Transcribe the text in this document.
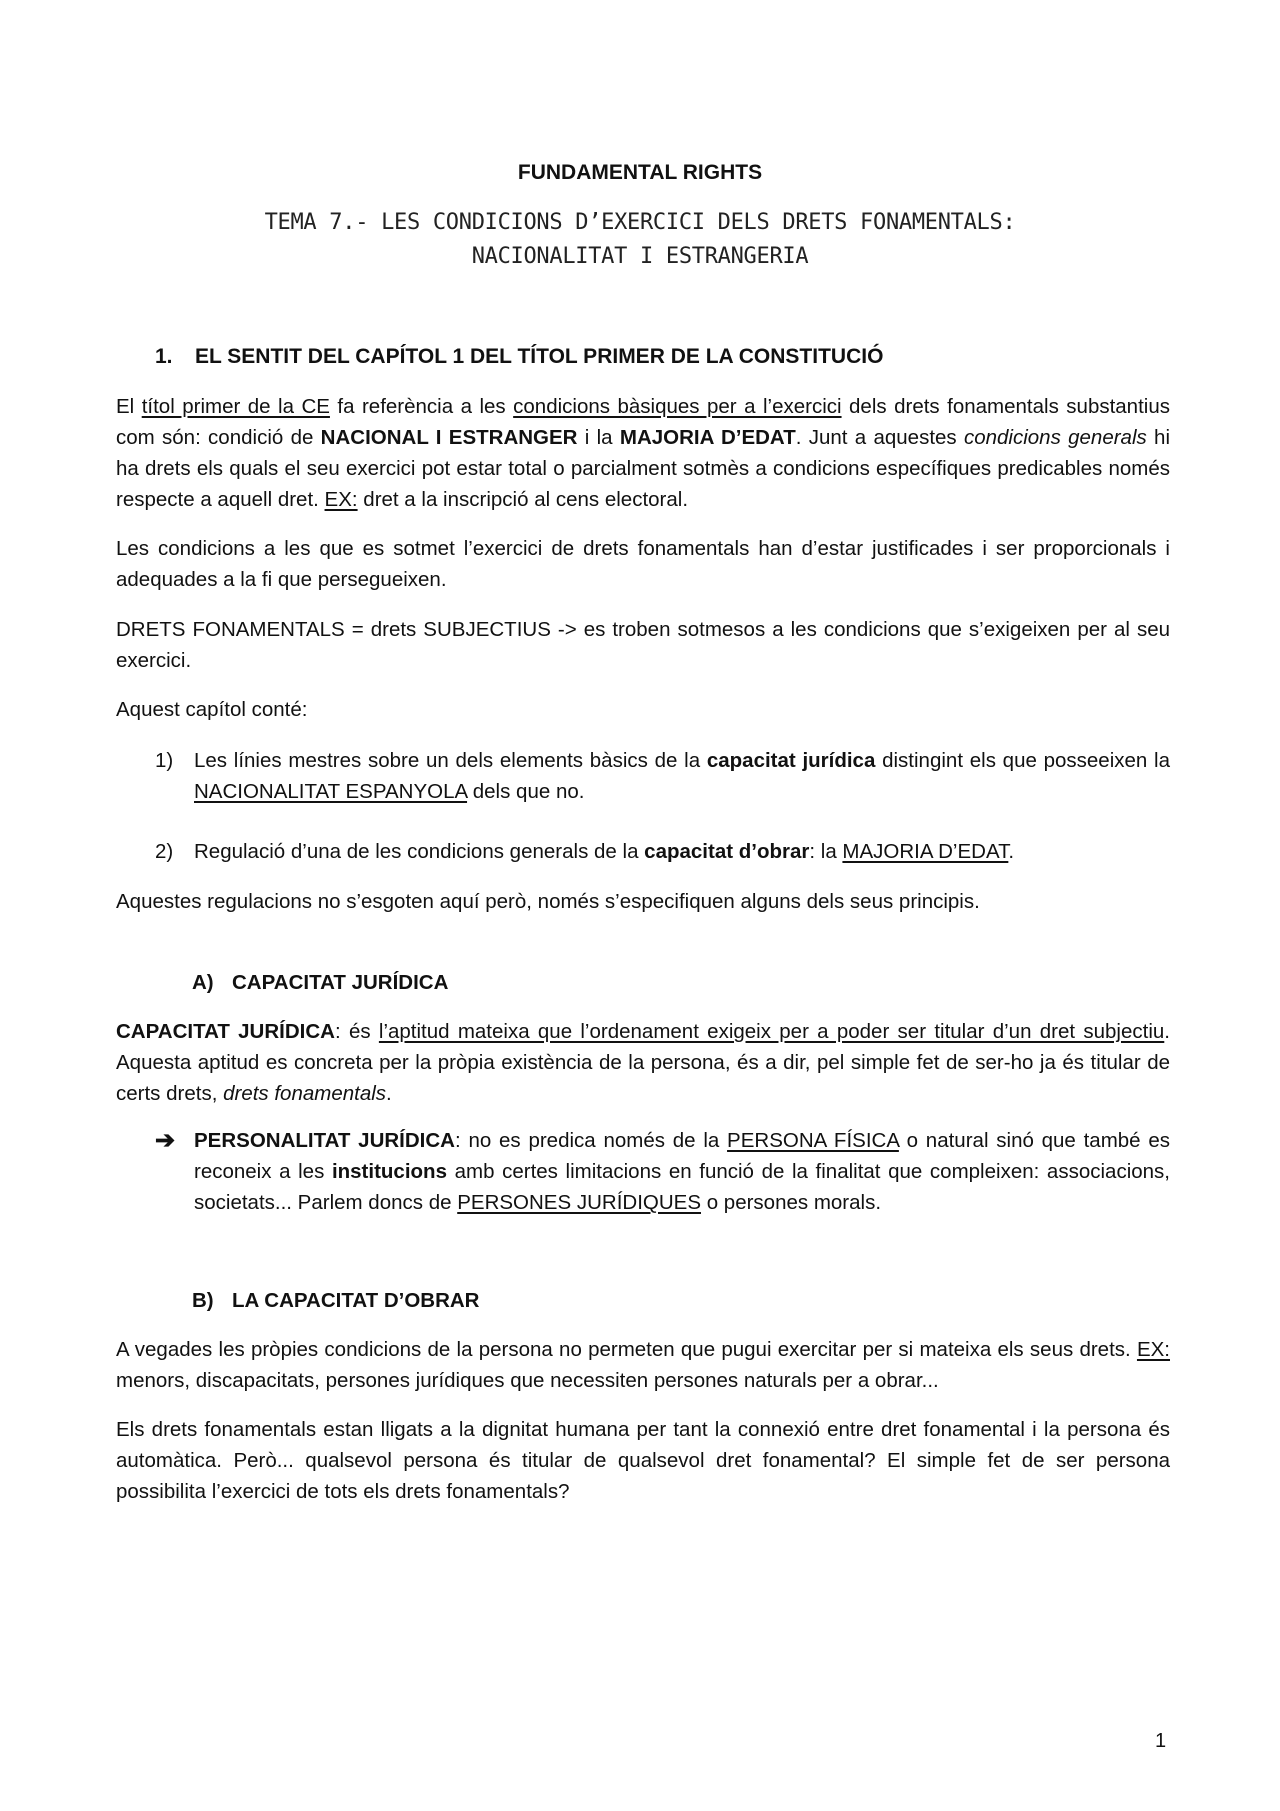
FUNDAMENTAL RIGHTS
TEMA 7.- LES CONDICIONS D’EXERCICI DELS DRETS FONAMENTALS:
NACIONALITAT I ESTRANGERIA
1. EL SENTIT DEL CAPÍTOL 1 DEL TÍTOL PRIMER DE LA CONSTITUCIÓ

El títol primer de la CE fa referència a les condicions bàsiques per a l’exercici dels drets fonamentals substantius com són: condició de NACIONAL I ESTRANGER i la MAJORIA D’EDAT. Junt a aquestes condicions generals hi ha drets els quals el seu exercici pot estar total o parcialment sotmès a condicions específiques predicables només respecte a aquell dret. EX: dret a la inscripció al cens electoral.

Les condicions a les que es sotmet l’exercici de drets fonamentals han d’estar justificades i ser proporcionals i adequades a la fi que persegueixen.

DRETS FONAMENTALS = drets SUBJECTIUS -> es troben sotmesos a les condicions que s’exigeixen per al seu exercici.

Aquest capítol conté:

1) Les línies mestres sobre un dels elements bàsics de la capacitat jurídica distingint els que posseeixen la NACIONALITAT ESPANYOLA dels que no.
2) Regulació d’una de les condicions generals de la capacitat d’obrar: la MAJORIA D’EDAT.

Aquestes regulacions no s’esgoten aquí però, només s’especifiquen alguns dels seus principis.

A) CAPACITAT JURÍDICA

CAPACITAT JURÍDICA: és l’aptitud mateixa que l’ordenament exigeix per a poder ser titular d’un dret subjectiu. Aquesta aptitud es concreta per la pròpia existència de la persona, és a dir, pel simple fet de ser-ho ja és titular de certs drets, drets fonamentals.

➔ PERSONALITAT JURÍDICA: no es predica només de la PERSONA FÍSICA o natural sinó que també es reconeix a les institucions amb certes limitacions en funció de la finalitat que compleixen: associacions, societats... Parlem doncs de PERSONES JURÍDIQUES o persones morals.
B) LA CAPACITAT D’OBRAR

A vegades les pròpies condicions de la persona no permeten que pugui exercitar per si mateixa els seus drets. EX: menors, discapacitats, persones jurídiques que necessiten persones naturals per a obrar...

Els drets fonamentals estan lligats a la dignitat humana per tant la connexió entre dret fonamental i la persona és automàtica. Però... qualsevol persona és titular de qualsevol dret fonamental? El simple fet de ser persona possibilita l’exercici de tots els drets fonamentals?

1
